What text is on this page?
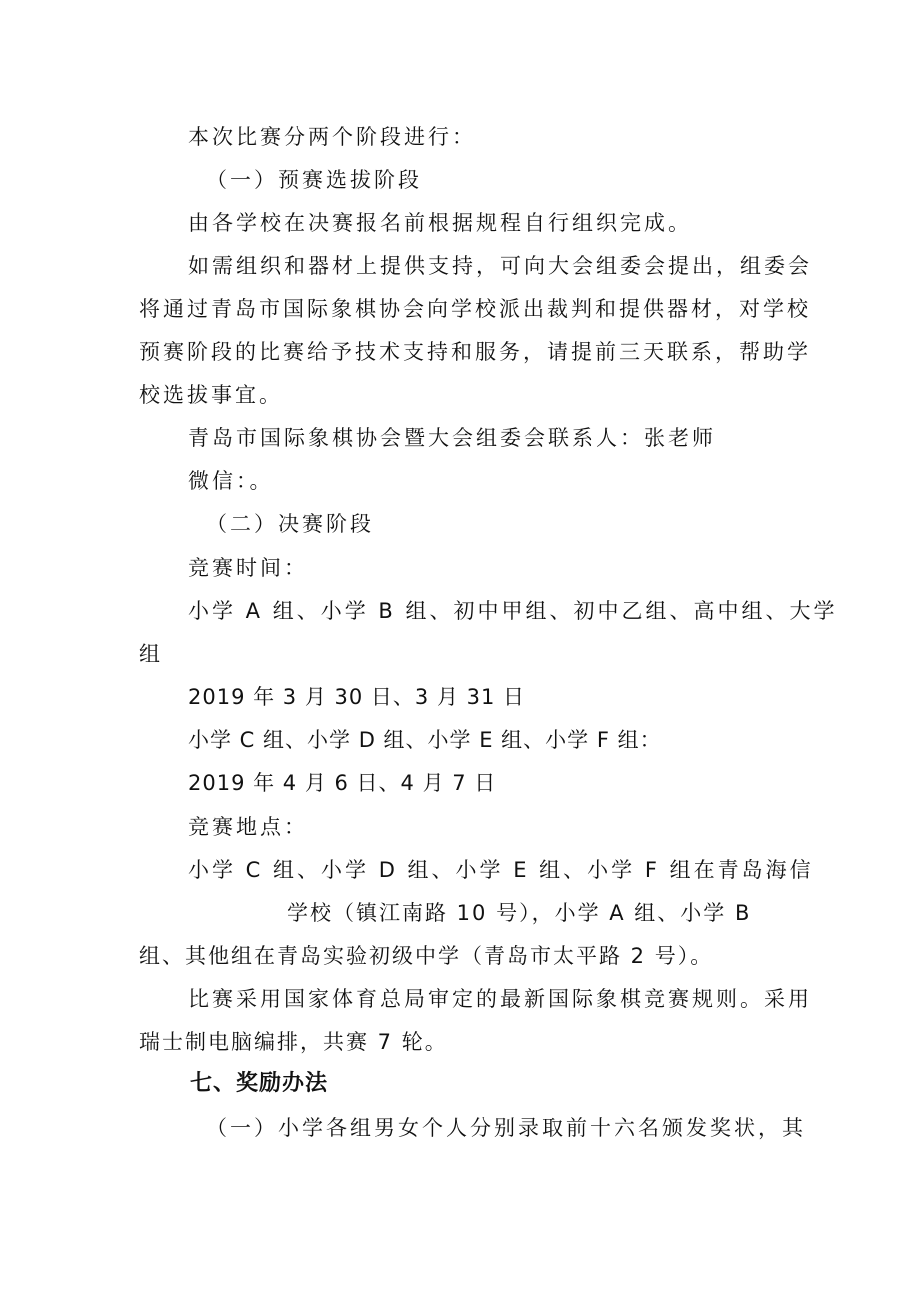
本次比赛分两个阶段进行：
（一）预赛选拔阶段
由各学校在决赛报名前根据规程自行组织完成。
如需组织和器材上提供支持，可向大会组委会提出，组委会
将通过青岛市国际象棋协会向学校派出裁判和提供器材，对学校
预赛阶段的比赛给予技术支持和服务，请提前三天联系，帮助学
校选拔事宜。
青岛市国际象棋协会暨大会组委会联系人：张老师
微信：。
（二）决赛阶段
竞赛时间：
小学 A 组、小学 B 组、初中甲组、初中乙组、高中组、大学
组
2019 年 3 月 30 日、3 月 31 日
小学 C 组、小学 D 组、小学 E 组、小学 F 组：
2019 年 4 月 6 日、4 月 7 日
竞赛地点：
小学 C 组、小学 D 组、小学 E 组、小学 F 组在青岛海信
学校（镇江南路 10 号），小学 A 组、小学 B
组、其他组在青岛实验初级中学（青岛市太平路 2 号）。
比赛采用国家体育总局审定的最新国际象棋竞赛规则。采用
瑞士制电脑编排，共赛 7 轮。
七、奖励办法
（一）小学各组男女个人分别录取前十六名颁发奖状，其
